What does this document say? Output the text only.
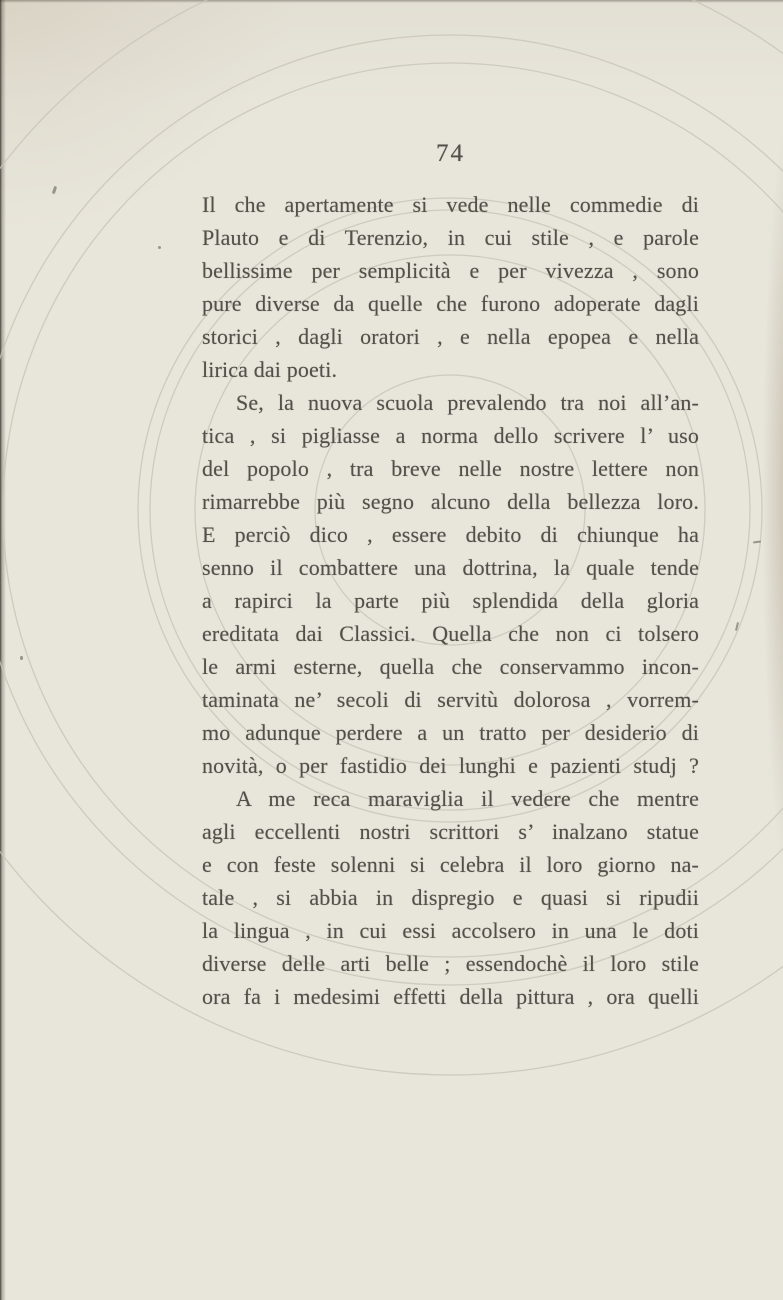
74
Il che apertamente si vede nelle commedie di
Plauto e di Terenzio, in cui stile , e parole
bellissime per semplicità e per vivezza , sono
pure diverse da quelle che furono adoperate dagli
storici , dagli oratori , e nella epopea e nella
lirica dai poeti.
Se, la nuova scuola prevalendo tra noi all’an-
tica , si pigliasse a norma dello scrivere l’ uso
del popolo , tra breve nelle nostre lettere non
rimarrebbe più segno alcuno della bellezza loro.
E perciò dico , essere debito di chiunque ha
senno il combattere una dottrina, la quale tende
a rapirci la parte più splendida della gloria
ereditata dai Classici. Quella che non ci tolsero
le armi esterne, quella che conservammo incon-
taminata ne’ secoli di servitù dolorosa , vorrem-
mo adunque perdere a un tratto per desiderio di
novità, o per fastidio dei lunghi e pazienti studj ?
A me reca maraviglia il vedere che mentre
agli eccellenti nostri scrittori s’ inalzano statue
e con feste solenni si celebra il loro giorno na-
tale , si abbia in dispregio e quasi si ripudii
la lingua , in cui essi accolsero in una le doti
diverse delle arti belle ; essendochè il loro stile
ora fa i medesimi effetti della pittura , ora quelli
